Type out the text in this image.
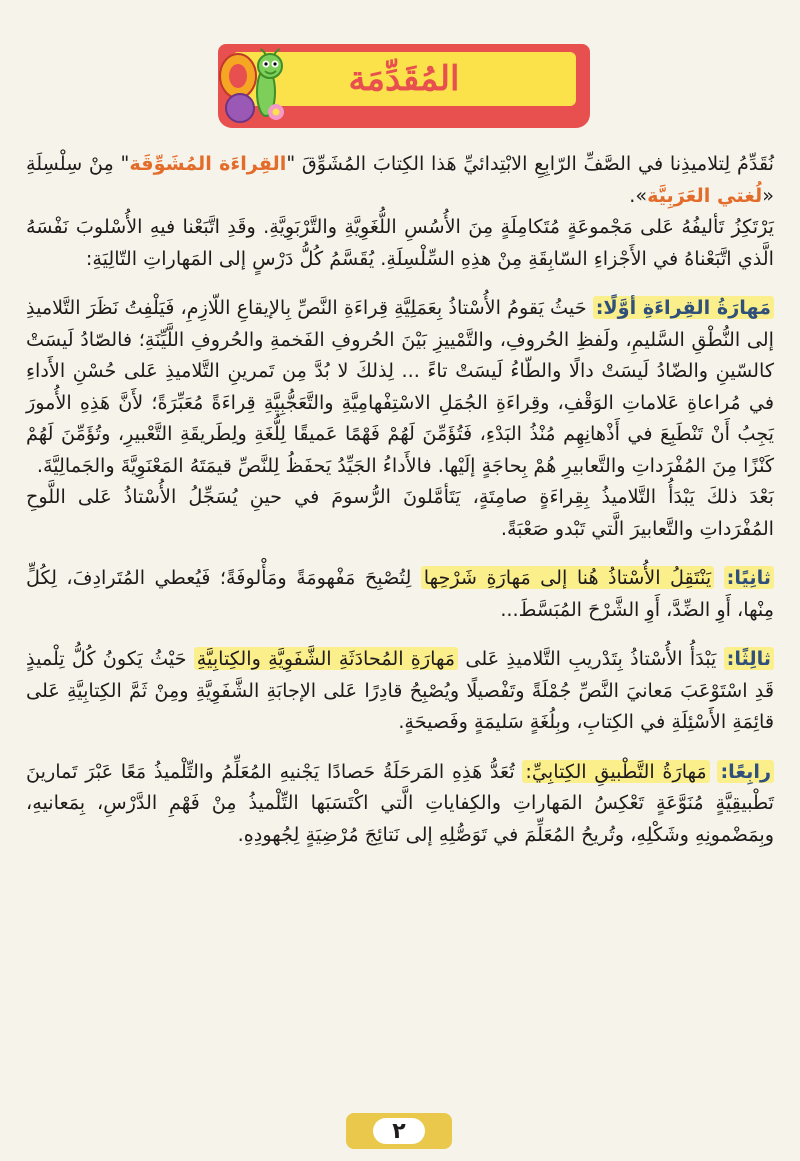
المُقَدِّمَة

نُقَدِّمُ لِتلاميذِنا في الصَّفِّ الرّابِعِ الابْتِدائيِّ هَذا الكِتابَ المُشَوِّقَ "القِراءَة المُشَوِّقَة" مِنْ سِلْسِلَةِ «لُغتي العَرَبِيَّة».

يَرْتَكِزُ تَأليفُهُ عَلى مَجْموعَةٍ مُتَكامِلَةٍ مِنَ الأُسُسِ اللُّغَوِيَّةِ والتَّرْبَوِيَّةِ. وقَدِ اتَّبَعْنا فيهِ الأُسْلوبَ نَفْسَهُ الَّذي اتَّبَعْناهُ في الأَجْزاءِ السّابِقَةِ مِنْ هذِهِ السِّلْسِلَةِ. يُقَسَّمُ كُلُّ دَرْسٍ إلى المَهاراتِ التّالِيَةِ:

مَهارَةُ القِراءَةِ أوَّلًا: حَيثُ يَقومُ الأُسْتاذُ بِعَمَلِيَّةِ قِراءَةِ النَّصِّ بِالإيقاعِ اللّازِمِ، فَيَلْفِتُ نَظَرَ التَّلاميذِ إلى النُّطْقِ السَّليمِ، ولَفظِ الحُروفِ، والتَّمْييزِ بَيْنَ الحُروفِ الفَخمةِ والحُروفِ اللَّيِّنَةِ؛ فالصّادُ لَيسَتْ كالسّينِ والضّادُ لَيسَتْ دالًا والطّاءُ لَيسَتْ تاءً ... لِذلكَ لا بُدَّ مِن تَمرينِ التَّلاميذِ عَلى حُسْنِ الأَداءِ في مُراعاةِ عَلاماتِ الوَقْفِ، وقِراءَةِ الجُمَلِ الاسْتِفْهامِيَّةِ والتَّعَجُّبِيَّةِ قِراءَةً مُعَبِّرَةً؛ لأَنَّ هَذِهِ الأُمورَ يَجِبُ أَنْ تَنْطَبِعَ في أَذْهانِهِم مُنْذُ البَدْءِ، فَتُؤَمِّنَ لَهُمْ فَهْمًا عَميقًا لِلُّغَةِ ولِطَريقَةِ التَّعْبيرِ، وتُؤَمِّنَ لَهُمْ كَنْزًا مِنَ المُفْرَداتِ والتَّعابيرِ هُمْ بِحاجَةٍ إلَيْها. فالأَداءُ الجَيِّدُ يَحفَظُ لِلنَّصِّ قيمَتَهُ المَعْنَوِيَّةَ والجَمالِيَّةَ.

بَعْدَ ذلكَ يَبْدَأُ التَّلاميذُ بِقِراءَةٍ صامِتَةٍ، يَتَأمَّلونَ الرُّسومَ في حينِ يُسَجِّلُ الأُسْتاذُ عَلى اللَّوحِ المُفْرَداتِ والتَّعابيرَ الَّتي تَبْدو صَعْبَةً.

ثانِيًا: يَنْتَقِلُ الأُسْتاذُ هُنا إلى مَهارَةِ شَرْحِها لِتُصْبِحَ مَفْهومَةً ومَأْلوفَةً؛ فَيُعطي المُتَرادِفَ، لِكُلٍّ مِنْها، أَوِ الضِّدَّ، أَوِ الشَّرْحَ المُبَسَّطَ...

ثالِثًا: يَبْدَأُ الأُسْتاذُ بِتَدْريبِ التَّلاميذِ عَلى مَهارَةِ المُحادَثَةِ الشَّفَوِيَّةِ والكِتابِيَّةِ حَيْثُ يَكونُ كُلُّ تِلْميذٍ قَدِ اسْتَوْعَبَ مَعانيَ النَّصِّ جُمْلَةً وتَفْصيلًا ويُصْبِحُ قادِرًا عَلى الإجابَةِ الشَّفَوِيَّةِ ومِنْ ثَمَّ الكِتابِيَّةِ عَلى قائِمَةِ الأَسْئِلَةِ في الكِتابِ، وبِلُغَةٍ سَليمَةٍ وفَصيحَةٍ.

رابِعًا: مَهارَةُ التَّطْبيقِ الكِتابِيِّ: تُعَدُّ هَذِهِ المَرحَلَةُ حَصادًا يَجْنيهِ المُعَلِّمُ والتِّلْميذُ مَعًا عَبْرَ تَمارينَ تَطْبيقِيَّةٍ مُنَوَّعَةٍ تَعْكِسُ المَهاراتِ والكِفاياتِ الَّتي اكْتَسَبَها التِّلْميذُ مِنْ فَهْمِ الدَّرْسِ، بِمَعانيهِ، وبِمَضْمونِهِ وشَكْلِهِ، وتُريحُ المُعَلِّمَ في تَوَصُّلِهِ إلى نَتائِجَ مُرْضِيَةٍ لِجُهودِهِ.

٢
